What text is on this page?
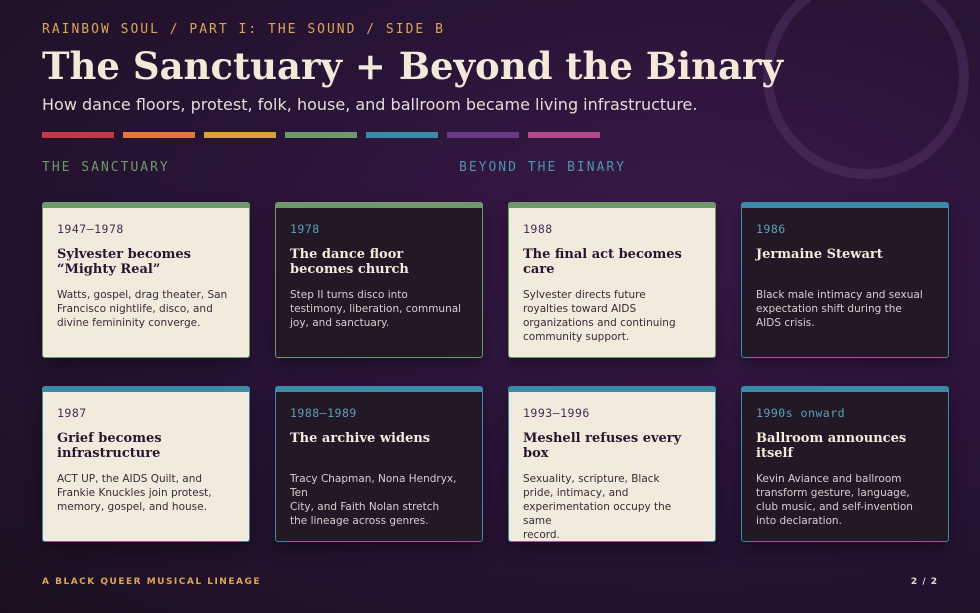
RAINBOW SOUL / PART I: THE SOUND / SIDE B
The Sanctuary + Beyond the Binary
How dance floors, protest, folk, house, and ballroom became living infrastructure.
THE SANCTUARY	BEYOND THE BINARY
1947–1978
Sylvester becomes
“Mighty Real”
Watts, gospel, drag theater, San
Francisco nightlife, disco, and
divine femininity converge.
1978
The dance floor
becomes church
Step II turns disco into
testimony, liberation, communal
joy, and sanctuary.
1988
The final act becomes
care
Sylvester directs future
royalties toward AIDS
organizations and continuing
community support.
1986
Jermaine Stewart
Black male intimacy and sexual
expectation shift during the
AIDS crisis.
1987
Grief becomes
infrastructure
ACT UP, the AIDS Quilt, and
Frankie Knuckles join protest,
memory, gospel, and house.
1988–1989
The archive widens
Tracy Chapman, Nona Hendryx, Ten
City, and Faith Nolan stretch
the lineage across genres.
1993–1996
Meshell refuses every
box
Sexuality, scripture, Black
pride, intimacy, and
experimentation occupy the same
record.
1990s onward
Ballroom announces
itself
Kevin Aviance and ballroom
transform gesture, language,
club music, and self-invention
into declaration.
A BLACK QUEER MUSICAL LINEAGE	2 / 2
